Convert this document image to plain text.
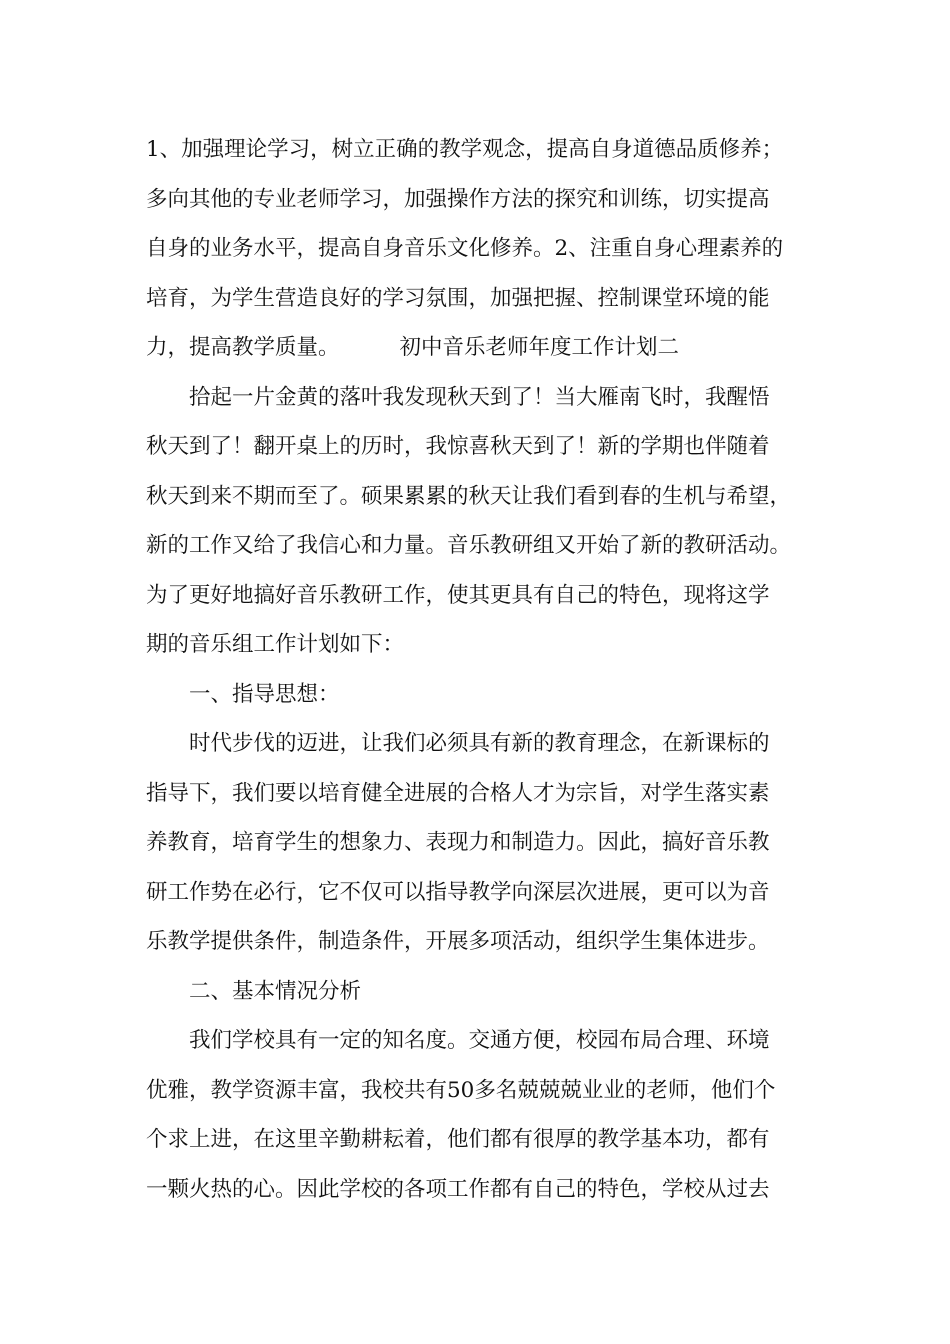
1、加强理论学习，树立正确的教学观念，提高自身道德品质修养；
多向其他的专业老师学习，加强操作方法的探究和训练，切实提高
自身的业务水平，提高自身音乐文化修养。2、注重自身心理素养的
培育，为学生营造良好的学习氛围，加强把握、控制课堂环境的能
力，提高教学质量。	初中音乐老师年度工作计划二
拾起一片金黄的落叶我发现秋天到了！当大雁南飞时，我醒悟
秋天到了！翻开桌上的历时，我惊喜秋天到了！新的学期也伴随着
秋天到来不期而至了。硕果累累的秋天让我们看到春的生机与希望，
新的工作又给了我信心和力量。音乐教研组又开始了新的教研活动。
为了更好地搞好音乐教研工作，使其更具有自己的特色，现将这学
期的音乐组工作计划如下：
一、指导思想：
时代步伐的迈进，让我们必须具有新的教育理念，在新课标的
指导下，我们要以培育健全进展的合格人才为宗旨，对学生落实素
养教育，培育学生的想象力、表现力和制造力。因此，搞好音乐教
研工作势在必行，它不仅可以指导教学向深层次进展，更可以为音
乐教学提供条件，制造条件，开展多项活动，组织学生集体进步。
二、基本情况分析
我们学校具有一定的知名度。交通方便，校园布局合理、环境
优雅，教学资源丰富，我校共有50多名兢兢兢业业的老师，他们个
个求上进，在这里辛勤耕耘着，他们都有很厚的教学基本功，都有
一颗火热的心。因此学校的各项工作都有自己的特色，学校从过去
